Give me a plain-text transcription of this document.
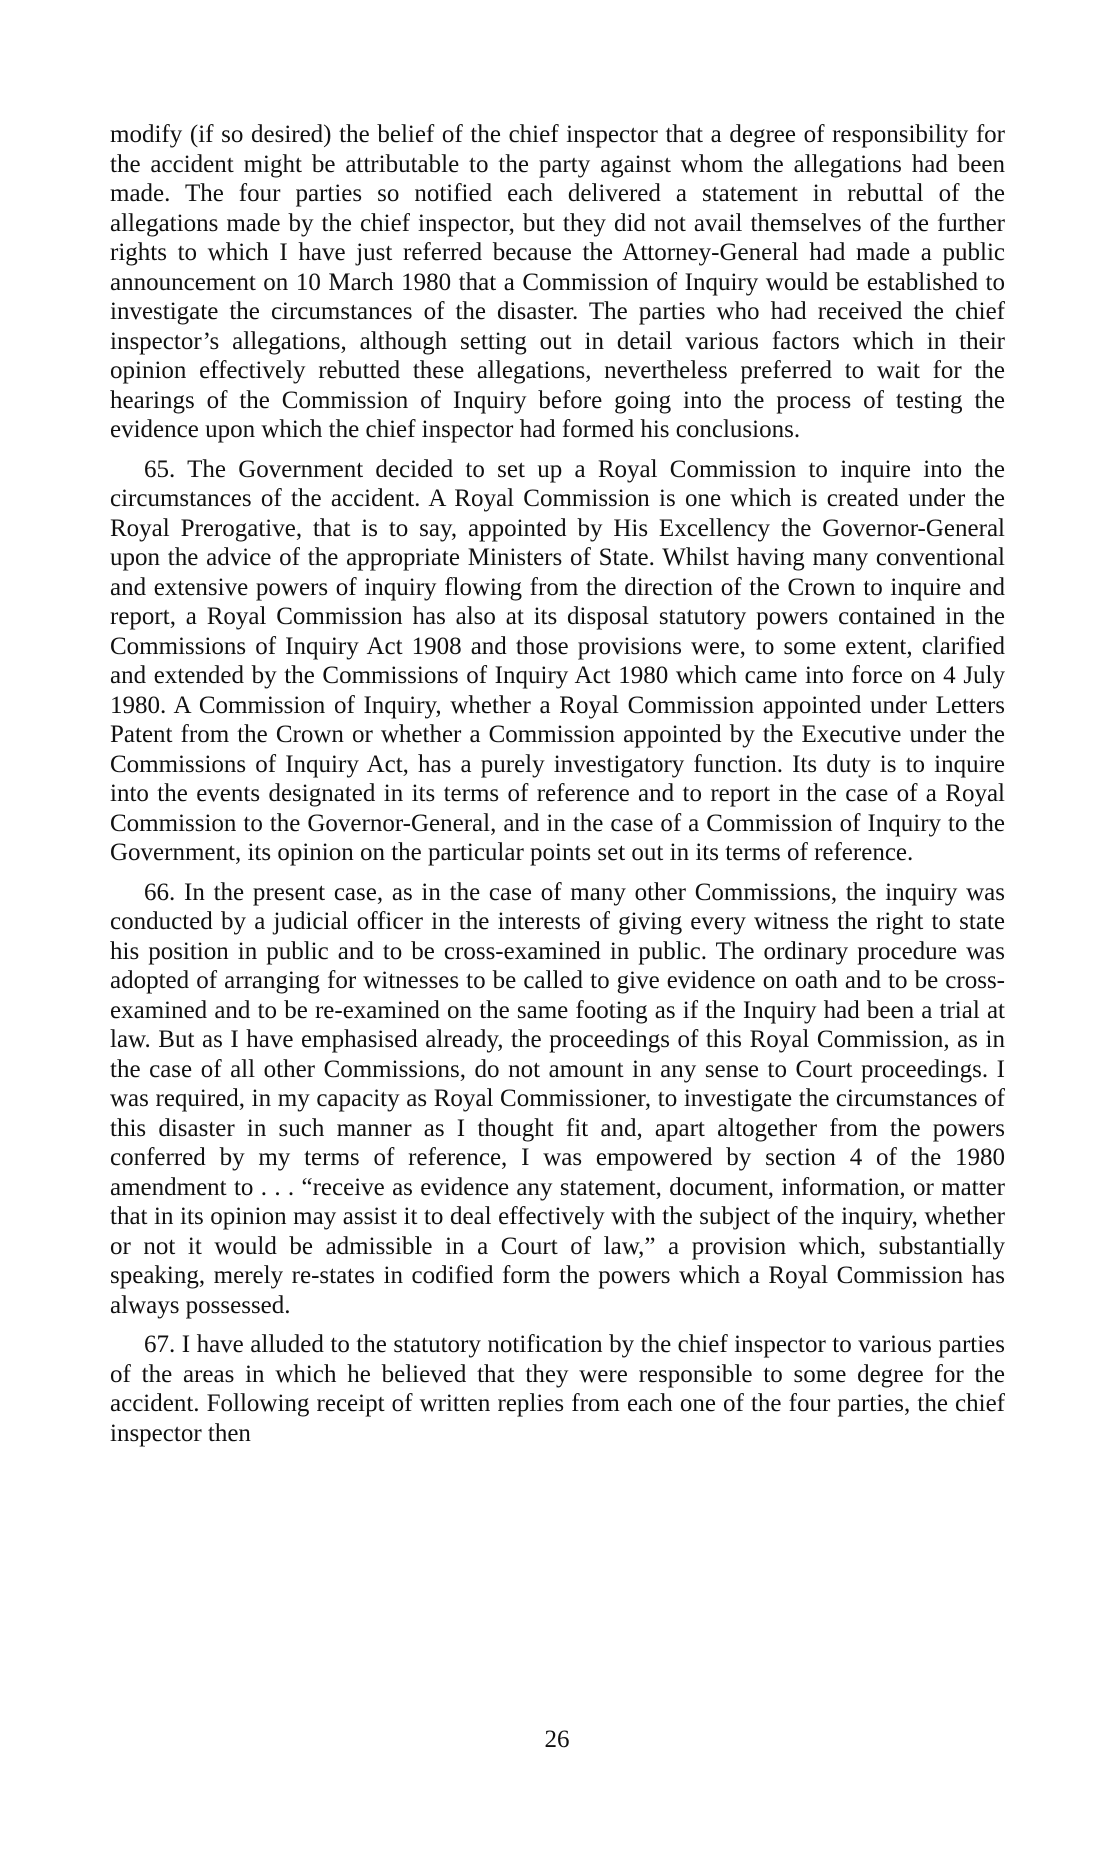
modify (if so desired) the belief of the chief inspector that a degree of responsibility for the accident might be attributable to the party against whom the allegations had been made. The four parties so notified each delivered a statement in rebuttal of the allegations made by the chief inspector, but they did not avail themselves of the further rights to which I have just referred because the Attorney-General had made a public announcement on 10 March 1980 that a Commission of Inquiry would be established to investigate the circumstances of the disaster. The parties who had received the chief inspector’s allegations, although setting out in detail various factors which in their opinion effectively rebutted these allegations, nevertheless preferred to wait for the hearings of the Commission of Inquiry before going into the process of testing the evidence upon which the chief inspector had formed his conclusions.

65. The Government decided to set up a Royal Commission to inquire into the circumstances of the accident. A Royal Commission is one which is created under the Royal Prerogative, that is to say, appointed by His Excellency the Governor-General upon the advice of the appropriate Ministers of State. Whilst having many conventional and extensive powers of inquiry flowing from the direction of the Crown to inquire and report, a Royal Commission has also at its disposal statutory powers contained in the Commissions of Inquiry Act 1908 and those provisions were, to some extent, clarified and extended by the Commissions of Inquiry Act 1980 which came into force on 4 July 1980. A Commission of Inquiry, whether a Royal Commission appointed under Letters Patent from the Crown or whether a Commission appointed by the Executive under the Commissions of Inquiry Act, has a purely investigatory function. Its duty is to inquire into the events designated in its terms of reference and to report in the case of a Royal Commission to the Governor-General, and in the case of a Commission of Inquiry to the Government, its opinion on the particular points set out in its terms of reference.

66. In the present case, as in the case of many other Commissions, the inquiry was conducted by a judicial officer in the interests of giving every witness the right to state his position in public and to be cross-examined in public. The ordinary procedure was adopted of arranging for witnesses to be called to give evidence on oath and to be cross-examined and to be re-examined on the same footing as if the Inquiry had been a trial at law. But as I have emphasised already, the proceedings of this Royal Commission, as in the case of all other Commissions, do not amount in any sense to Court proceedings. I was required, in my capacity as Royal Commissioner, to investigate the circumstances of this disaster in such manner as I thought fit and, apart altogether from the powers conferred by my terms of reference, I was empowered by section 4 of the 1980 amendment to . . . “receive as evidence any statement, document, information, or matter that in its opinion may assist it to deal effectively with the subject of the inquiry, whether or not it would be admissible in a Court of law,” a provision which, substantially speaking, merely re-states in codified form the powers which a Royal Commission has always possessed.

67. I have alluded to the statutory notification by the chief inspector to various parties of the areas in which he believed that they were responsible to some degree for the accident. Following receipt of written replies from each one of the four parties, the chief inspector then

26
